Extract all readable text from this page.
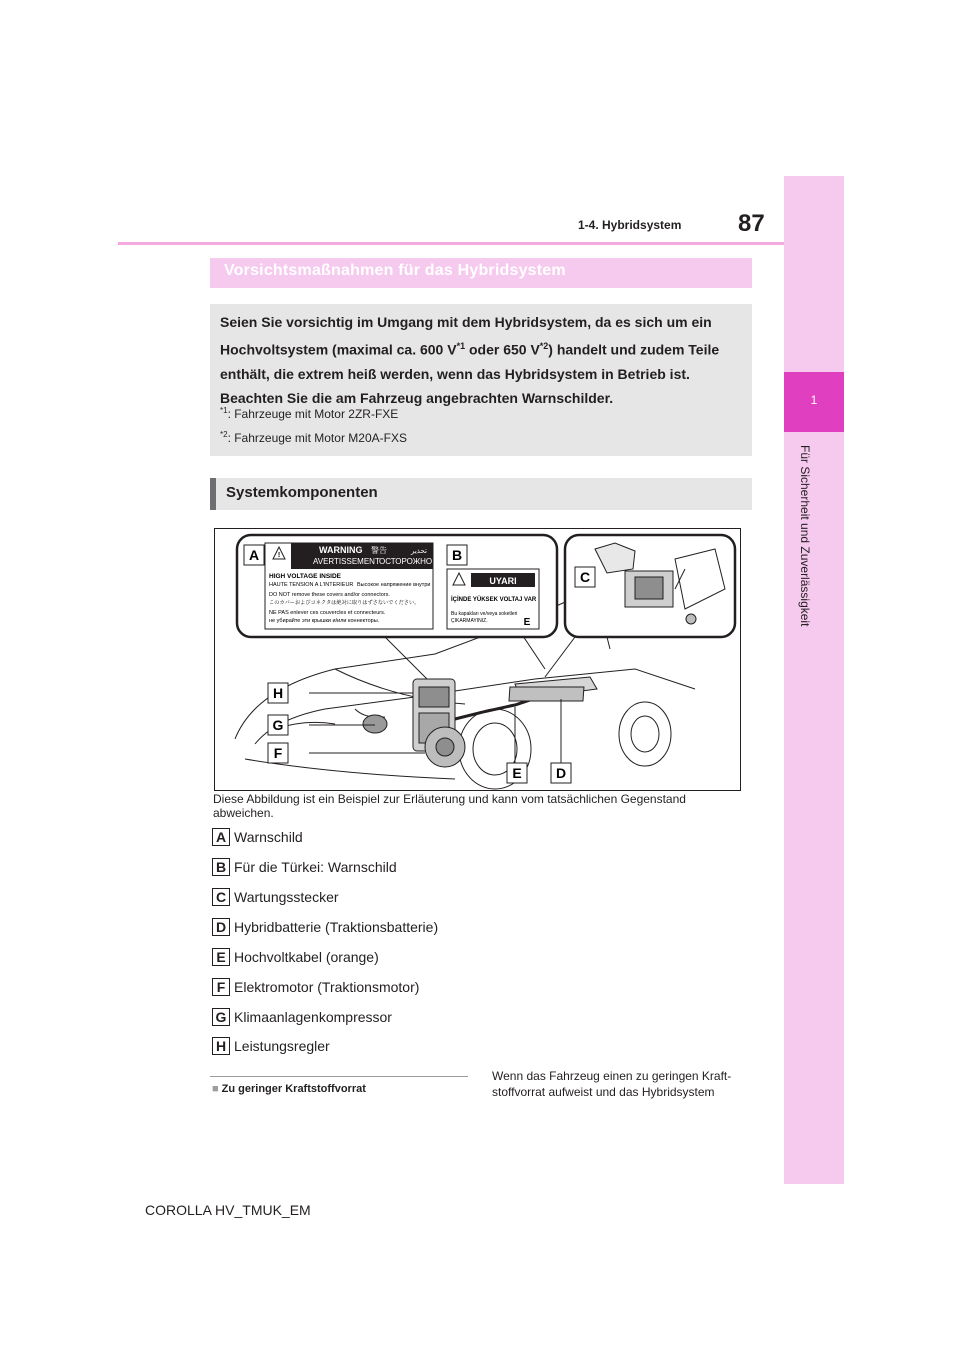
87
1-4. Hybridsystem
1
Für Sicherheit und Zuverlässigkeit
Vorsichtsmaßnahmen für das Hybridsystem
Seien Sie vorsichtig im Umgang mit dem Hybridsystem, da es sich um ein
Hochvoltsystem (maximal ca. 600 $V^{*1}$ oder 650 $V^{*2}$) handelt und zudem Teile
enthält, die extrem heiß werden, wenn das Hybridsystem in Betrieb ist.
Beachten Sie die am Fahrzeug angebrachten Warnschilder.
$^{*1}$: Fahrzeuge mit Motor 2ZR-FXE
$^{*2}$: Fahrzeuge mit Motor M20A-FXS
Systemkomponenten
!
WARNING 警告	تحذير
AVERTISSEMENT ОСТОРОЖНО
HIGH VOLTAGE INSIDE
HAUTE TENSION A L'INTERIEUR Высокое напряжение внутри
DO NOT remove these covers and/or connectors.
このカバーおよびコネクタは絶対に取りはずさないでください。
NE PAS enlever ces couvercles et connecteurs.
не убирайте эти крышки и/или коннекторы.
UYARI
İÇİNDE YÜKSEK VOLTAJ VAR
Bu kapakları ve/veya soketleri
ÇIKARMAYINIZ.
A	B
C
D
E
E
F
G
H
Diese Abbildung ist ein Beispiel zur Erläuterung und kann vom tatsächlichen Gegenstand abweichen.
A Warnschild
B Für die Türkei: Warnschild
C Wartungsstecker
D Hybridbatterie (Traktionsbatterie)
E Hochvoltkabel (orange)
F Elektromotor (Traktionsmotor)
G Klimaanlagenkompressor
H Leistungsregler
■ Zu geringer Kraftstoffvorrat
Wenn das Fahrzeug einen zu geringen Kraft-stoffvorrat aufweist und das Hybridsystem
COROLLA HV_TMUK_EM
